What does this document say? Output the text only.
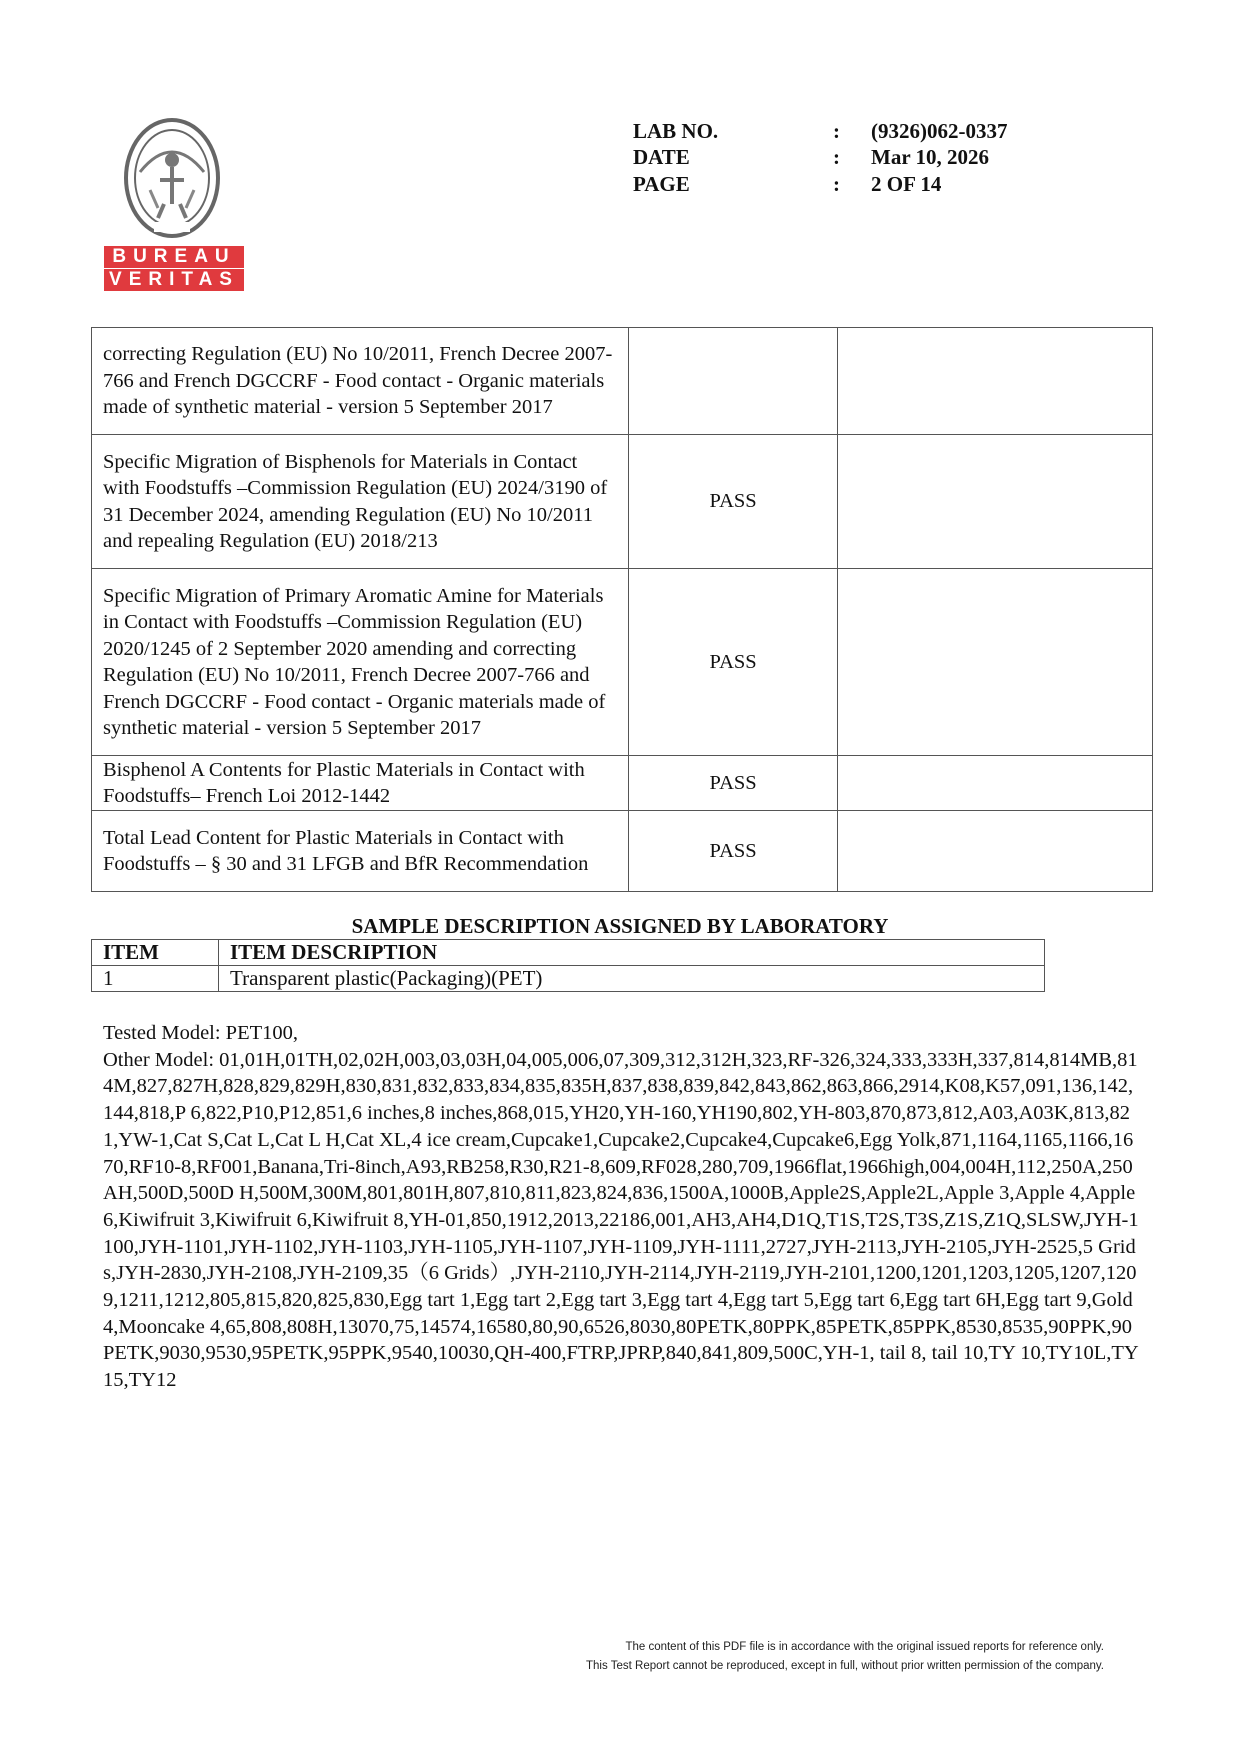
BUREAU
VERITAS
LAB NO.	:	(9326)062-0337
DATE	:	Mar 10, 2026
PAGE	:	2 OF 14
correcting Regulation (EU) No 10/2011, French Decree 2007-766 and French DGCCRF - Food contact - Organic materials made of synthetic material - version 5 September 2017		
Specific Migration of Bisphenols for Materials in Contact with Foodstuffs –Commission Regulation (EU) 2024/3190 of 31 December 2024, amending Regulation (EU) No 10/2011 and repealing Regulation (EU) 2018/213	PASS	
Specific Migration of Primary Aromatic Amine for Materials in Contact with Foodstuffs –Commission Regulation (EU) 2020/1245 of 2 September 2020 amending and correcting Regulation (EU) No 10/2011, French Decree 2007-766 and French DGCCRF - Food contact - Organic materials made of synthetic material - version 5 September 2017	PASS	
Bisphenol A Contents for Plastic Materials in Contact with Foodstuffs– French Loi 2012-1442	PASS	
Total Lead Content for Plastic Materials in Contact with Foodstuffs – § 30 and 31 LFGB and BfR Recommendation	PASS	
SAMPLE DESCRIPTION ASSIGNED BY LABORATORY
ITEM	ITEM DESCRIPTION
1	Transparent plastic(Packaging)(PET)

Tested Model: PET100,

Other Model: 01,01H,01TH,02,02H,003,03,03H,04,005,006,07,309,312,312H,323,RF-326,324,333,333H,337,814,814MB,814M,827,827H,828,829,829H,830,831,832,833,834,835,835H,837,838,839,842,843,862,863,866,2914,K08,K57,091,136,142,144,818,P 6,822,P10,P12,851,6 inches,8 inches,868,015,YH20,YH-160,YH190,802,YH-803,870,873,812,A03,A03K,813,821,YW-1,Cat S,Cat L,Cat L H,Cat XL,4 ice cream,Cupcake1,Cupcake2,Cupcake4,Cupcake6,Egg Yolk,871,1164,1165,1166,1670,RF10-8,RF001,Banana,Tri-8inch,A93,RB258,R30,R21-8,609,RF028,280,709,1966flat,1966high,004,004H,112,250A,250AH,500D,500D H,500M,300M,801,801H,807,810,811,823,824,836,1500A,1000B,Apple2S,Apple2L,Apple 3,Apple 4,Apple 6,Kiwifruit 3,Kiwifruit 6,Kiwifruit 8,YH-01,850,1912,2013,22186,001,AH3,AH4,D1Q,T1S,T2S,T3S,Z1S,Z1Q,SLSW,JYH-1100,JYH-1101,JYH-1102,JYH-1103,JYH-1105,JYH-1107,JYH-1109,JYH-1111,2727,JYH-2113,JYH-2105,JYH-2525,5 Grids,JYH-2830,JYH-2108,JYH-2109,35（6 Grids）,JYH-2110,JYH-2114,JYH-2119,JYH-2101,1200,1201,1203,1205,1207,1209,1211,1212,805,815,820,825,830,Egg tart 1,Egg tart 2,Egg tart 3,Egg tart 4,Egg tart 5,Egg tart 6,Egg tart 6H,Egg tart 9,Gold 4,Mooncake 4,65,808,808H,13070,75,14574,16580,80,90,6526,8030,80PETK,80PPK,85PETK,85PPK,8530,8535,90PPK,90PETK,9030,9530,95PETK,95PPK,9540,10030,QH-400,FTRP,JPRP,840,841,809,500C,YH-1, tail 8, tail 10,TY 10,TY10L,TY15,TY12

The content of this PDF file is in accordance with the original issued reports for reference only.
This Test Report cannot be reproduced, except in full, without prior written permission of the company.
